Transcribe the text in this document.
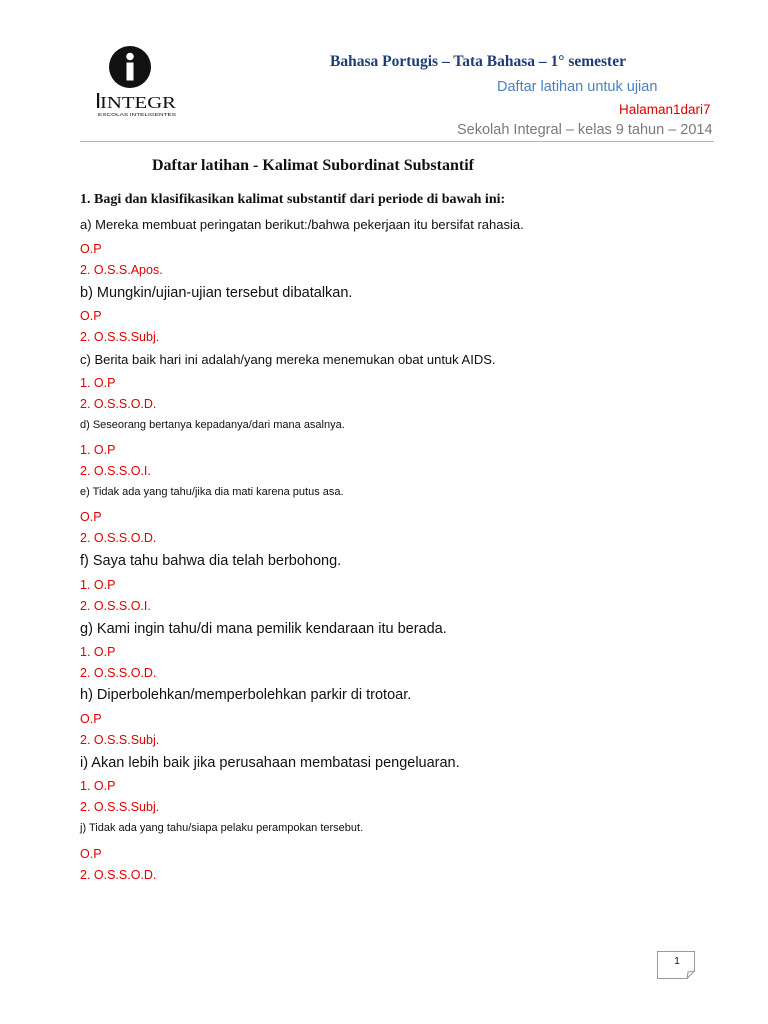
INTEGR
ESCOLAS INTELIGENTES

Bahasa Portugis – Tata Bahasa – 1° semester

Daftar latihan untuk ujian

Halaman1dari7

Sekolah Integral – kelas 9 tahun – 2014

Daftar latihan - Kalimat Subordinat Substantif

1. Bagi dan klasifikasikan kalimat substantif dari periode di bawah ini:

a) Mereka membuat peringatan berikut:/bahwa pekerjaan itu bersifat rahasia.

O.P

2. O.S.S.Apos.

b) Mungkin/ujian-ujian tersebut dibatalkan.

O.P

2. O.S.S.Subj.

c) Berita baik hari ini adalah/yang mereka menemukan obat untuk AIDS.

1. O.P

2. O.S.S.O.D.

d) Seseorang bertanya kepadanya/dari mana asalnya.

1. O.P

2. O.S.S.O.I.

e) Tidak ada yang tahu/jika dia mati karena putus asa.

O.P

2. O.S.S.O.D.

f) Saya tahu bahwa dia telah berbohong.

1. O.P

2. O.S.S.O.I.

g) Kami ingin tahu/di mana pemilik kendaraan itu berada.

1. O.P

2. O.S.S.O.D.

h) Diperbolehkan/memperbolehkan parkir di trotoar.

O.P

2. O.S.S.Subj.

i) Akan lebih baik jika perusahaan membatasi pengeluaran.

1. O.P

2. O.S.S.Subj.

j) Tidak ada yang tahu/siapa pelaku perampokan tersebut.

O.P

2. O.S.S.O.D.

1
